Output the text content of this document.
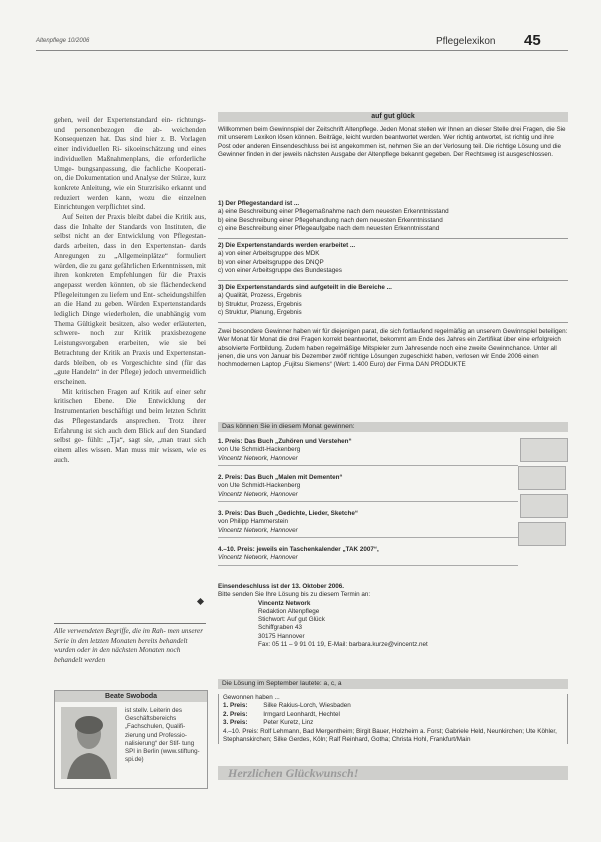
Altenpflege 10/2006	Pflegelexikon 45

gehen, weil der Expertenstandard ein- richtungs- und personenbezogen die ab- weichenden Konsequenzen hat. Das sind hier z. B. Vorlagen einer individuellen Ri- sikoeinschätzung und eines individuellen Maßnahmenplans, die erforderliche Umge- bungsanpassung, die fachliche Kooperati- on, die Dokumentation und Analyse der Stürze, kurz konkrete Anleitung, wie ein Sturzrisiko erkannt und reduziert werden kann, wozu die einzelnen Einrichtungen verpflichtet sind.

Auf Seiten der Praxis bleibt dabei die Kritik aus, dass die Inhalte der Standards von Instituten, die selbst nicht an der Entwicklung von Pflegestan- dards arbeiten, dass in den Expertenstan- dards Anregungen zu „Allgemeinplätze“ formuliert würden, die zu ganz gefährlichen Erkenntnissen, mit ihren konkreten Empfehlungen für die Praxis angepasst werden könnten, ob sie flächendeckend Pflegeleitungen zu liefern und Ent- scheidungshilfen an die Hand zu geben. Würden Expertenstandards lediglich Dinge wiederholen, die unabhängig vom Thema Gültigkeit besitzen, also weder erläuterten, schwere- noch zur Kritik praxisbezogene Leistungsvorgaben erarbeiten, wie sie bei Betrachtung der Kritik an Praxis und Expertenstan- dards bleiben, ob es Vorgeschichte sind (für das „gute Handeln“ in der Pflege) jedoch unvermeidlich erscheinen.

Mit kritischen Fragen auf Kritik auf einer sehr kritischen Ebene. Die Entwicklung der Instrumentarien beschäftigt und beim letzten Schritt das Pflegestandards ansprechen. Trotz ihrer Erfahrung ist sich auch dem Blick auf den Standard selbst ge- fühlt: „Tja“, sagt sie, „man traut sich einem alles wissen. Man muss mir wissen, wie es auch.

Alle verwendeten Begriffe, die im Rah- men unserer Serie in den letzten Monaten bereits behandelt wurden oder in den nächsten Monaten noch behandelt werden
Beate Swoboda
ist stellv. Leiterin des Geschäftsbereichs „Fachschulen, Qualifi- zierung und Professio- nalisierung“ der Stif- tung SPI in Berlin (www.stiftung-spi.de)
auf gut glück
Willkommen beim Gewinnspiel der Zeitschrift Altenpflege. Jeden Monat stellen wir Ihnen an dieser Stelle drei Fragen, die Sie mit unserem Lexikon lösen können. Beiträge, leicht wurden beantwortet werden. Wer richtig antwortet, ist richtig und ihre Post oder anderen Einsendeschluss bei ist angekommen ist, nehmen Sie an der Verlosung teil. Die richtige Lösung und die Gewinner finden in der jeweils nächsten Ausgabe der Altenpflege bekannt gegeben. Der Rechtsweg ist ausgeschlossen.
1) Der Pflegestandard ist ...
a) eine Beschreibung einer Pflegemaßnahme nach dem neuesten Erkenntnisstand
b) eine Beschreibung einer Pflegehandlung nach dem neuesten Erkenntnisstand
c) eine Beschreibung einer Pflegeaufgabe nach dem neuesten Erkenntnisstand
2) Die Expertenstandards werden erarbeitet ...
a) von einer Arbeitsgruppe des MDK
b) von einer Arbeitsgruppe des DNQP
c) von einer Arbeitsgruppe des Bundestages
3) Die Expertenstandards sind aufgeteilt in die Bereiche ...
a) Qualität, Prozess, Ergebnis
b) Struktur, Prozess, Ergebnis
c) Struktur, Planung, Ergebnis
Zwei besondere Gewinner haben wir für diejenigen parat, die sich fortlaufend regelmäßig an unserem Gewinnspiel beteiligen: Wer Monat für Monat die drei Fragen korrekt beantwortet, bekommt am Ende des Jahres ein Zertifikat über eine erfolgreich absolvierte Fortbildung. Zudem haben regelmäßige Mitspieler zum Jahresende noch eine zweite Gewinnchance. Unter all jenen, die uns von Januar bis Dezember zwölf richtige Lösungen zugeschickt haben, verlosen wir Ende 2006 einen hochmodernen Laptop „Fujitsu Siemens“ (Wert: 1.400 Euro) der Firma DAN PRODUKTE
Das können Sie in diesem Monat gewinnen:
1. Preis: Das Buch „Zuhören und Verstehen“
von Ute Schmidt-Hackenberg
Vincentz Network, Hannover
2. Preis: Das Buch „Malen mit Dementen“
von Ute Schmidt-Hackenberg
Vincentz Network, Hannover
3. Preis: Das Buch „Gedichte, Lieder, Sketche“
von Philipp Hammerstein
Vincentz Network, Hannover
4.–10. Preis: jeweils ein Taschenkalender „TAK 2007“,
Vincentz Network, Hannover
Einsendeschluss ist der 13. Oktober 2006.
Bitte senden Sie Ihre Lösung bis zu diesem Termin an:
Vincentz Network
Redaktion Altenpflege
Stichwort: Auf gut Glück
Schiffgraben 43
30175 Hannover
Fax: 05 11 – 9 91 01 19, E-Mail: barbara.kurze@vincentz.net
Die Lösung im September lautete: a, c, a
Gewonnen haben ...
1. Preis:	Silke Rakius-Lorch, Wiesbaden
2. Preis:	Irmgard Leonhardt, Hechtel
3. Preis:	Peter Kuretz, Linz
4.–10. Preis: Rolf Lehmann, Bad Mergentheim; Birgit Bauer, Holzheim a. Forst; Gabriele Held, Neunkirchen; Ute Köhler, Stephanskirchen; Silke Gerdes, Köln; Ralf Reinhard, Gotha; Christa Hohl, Frankfurt/Main
Herzlichen Glückwunsch!
